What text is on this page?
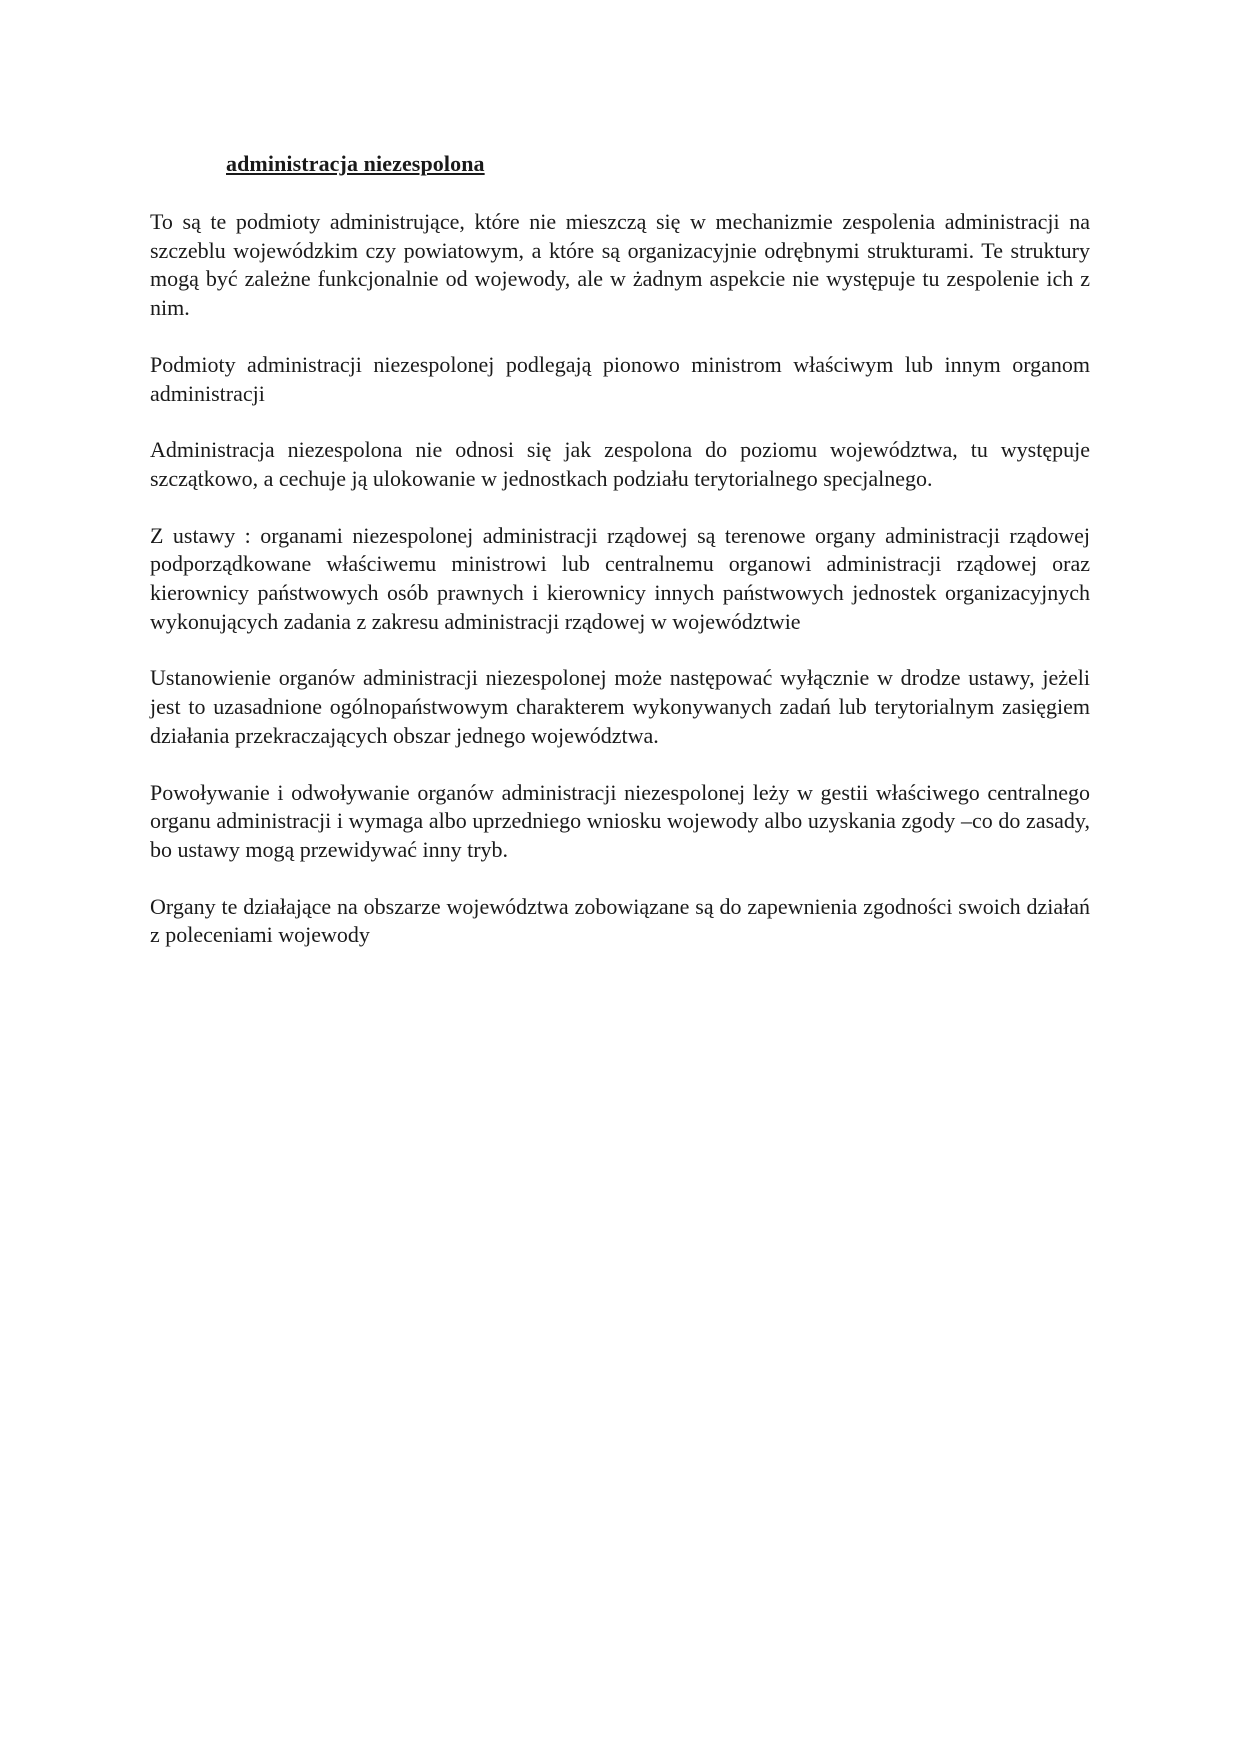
administracja niezespolona

To są te podmioty administrujące, które nie mieszczą się w mechanizmie zespolenia administracji na szczeblu wojewódzkim czy powiatowym, a które są organizacyjnie odrębnymi strukturami. Te struktury mogą być zależne funkcjonalnie od wojewody, ale w żadnym aspekcie nie występuje tu zespolenie ich z nim.

Podmioty administracji niezespolonej podlegają pionowo ministrom właściwym lub innym organom administracji

Administracja niezespolona nie odnosi się jak zespolona do poziomu województwa, tu występuje szczątkowo, a cechuje ją ulokowanie w jednostkach podziału terytorialnego specjalnego.

Z ustawy : organami niezespolonej administracji rządowej są terenowe organy administracji rządowej podporządkowane właściwemu ministrowi lub centralnemu organowi administracji rządowej oraz kierownicy państwowych osób prawnych i kierownicy innych państwowych jednostek organizacyjnych wykonujących zadania z zakresu administracji rządowej w województwie

Ustanowienie organów administracji niezespolonej może następować wyłącznie w drodze ustawy, jeżeli jest to uzasadnione ogólnopaństwowym charakterem wykonywanych zadań lub terytorialnym zasięgiem działania przekraczających obszar jednego województwa.

Powoływanie i odwoływanie organów administracji niezespolonej leży w gestii właściwego centralnego organu administracji i wymaga albo uprzedniego wniosku wojewody albo uzyskania zgody –co do zasady, bo ustawy mogą przewidywać inny tryb.

Organy te działające na obszarze województwa zobowiązane są do zapewnienia zgodności swoich działań z poleceniami wojewody
